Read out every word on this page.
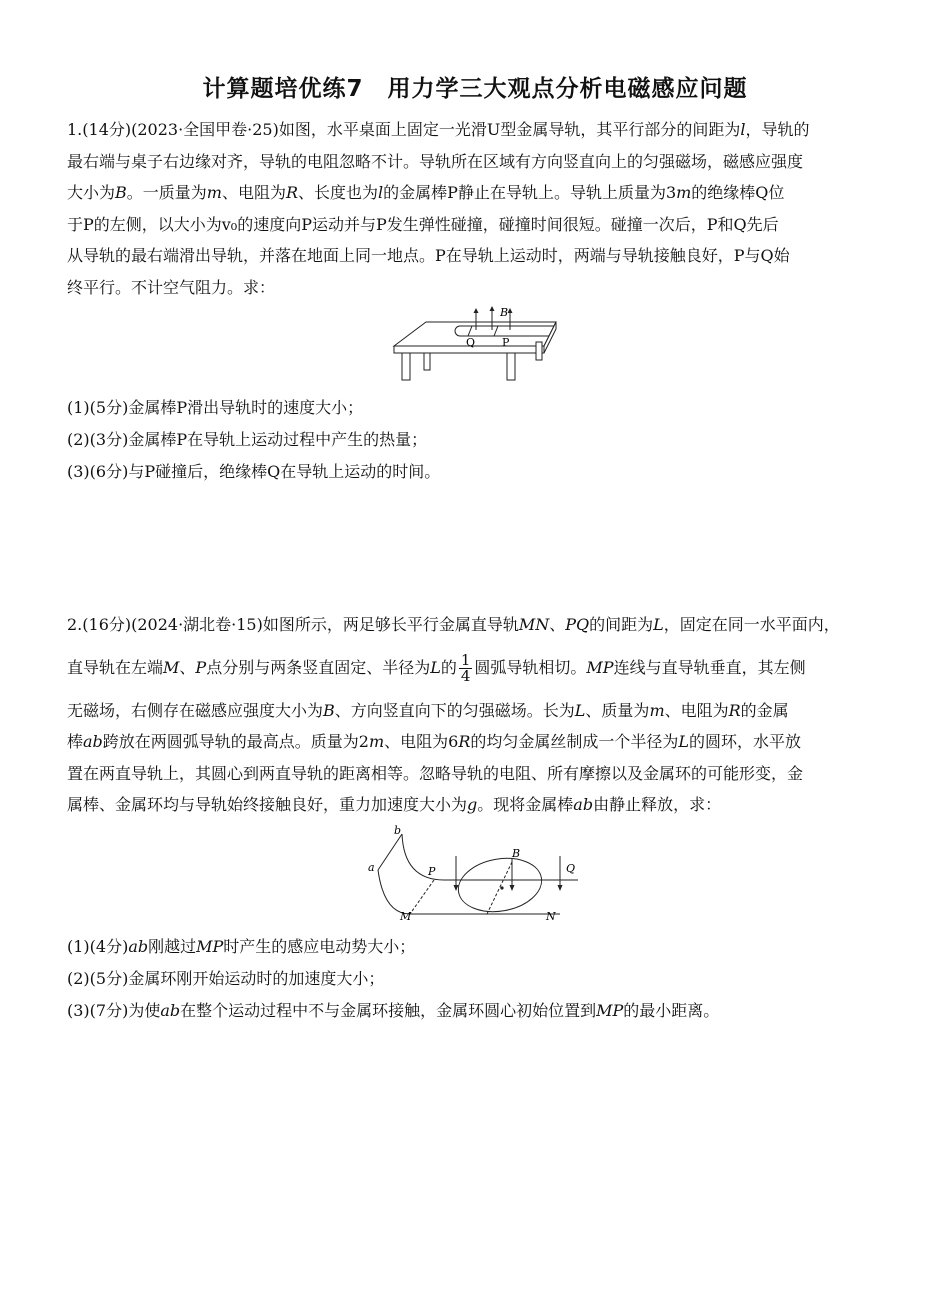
计算题培优练7　用力学三大观点分析电磁感应问题
1.(14分)(2023·全国甲卷·25)如图，水平桌面上固定一光滑U型金属导轨，其平行部分的间距为l，导轨的
最右端与桌子右边缘对齐，导轨的电阻忽略不计。导轨所在区域有方向竖直向上的匀强磁场，磁感应强度
大小为B。一质量为m、电阻为R、长度也为l的金属棒P静止在导轨上。导轨上质量为3m的绝缘棒Q位
于P的左侧，以大小为v₀的速度向P运动并与P发生弹性碰撞，碰撞时间很短。碰撞一次后，P和Q先后
从导轨的最右端滑出导轨，并落在地面上同一地点。P在导轨上运动时，两端与导轨接触良好，P与Q始
终平行。不计空气阻力。求：
B
Q P
(1)(5分)金属棒P滑出导轨时的速度大小；
(2)(3分)金属棒P在导轨上运动过程中产生的热量；
(3)(6分)与P碰撞后，绝缘棒Q在导轨上运动的时间。
2.(16分)(2024·湖北卷·15)如图所示，两足够长平行金属直导轨MN、PQ的间距为L，固定在同一水平面内，
直导轨在左端M、P点分别与两条竖直固定、半径为L的 $\frac{1}{4}$ 圆弧导轨相切。MP连线与直导轨垂直，其左侧
无磁场，右侧存在磁感应强度大小为B、方向竖直向下的匀强磁场。长为L、质量为m、电阻为R的金属
棒ab跨放在两圆弧导轨的最高点。质量为2m、电阻为6R的均匀金属丝制成一个半径为L的圆环，水平放
置在两直导轨上，其圆心到两直导轨的距离相等。忽略导轨的电阻、所有摩擦以及金属环的可能形变，金
属棒、金属环均与导轨始终接触良好，重力加速度大小为g。现将金属棒ab由静止释放，求：
a
b
P
B
Q
M	N
(1)(4分)ab刚越过MP时产生的感应电动势大小；
(2)(5分)金属环刚开始运动时的加速度大小；
(3)(7分)为使ab在整个运动过程中不与金属环接触，金属环圆心初始位置到MP的最小距离。
